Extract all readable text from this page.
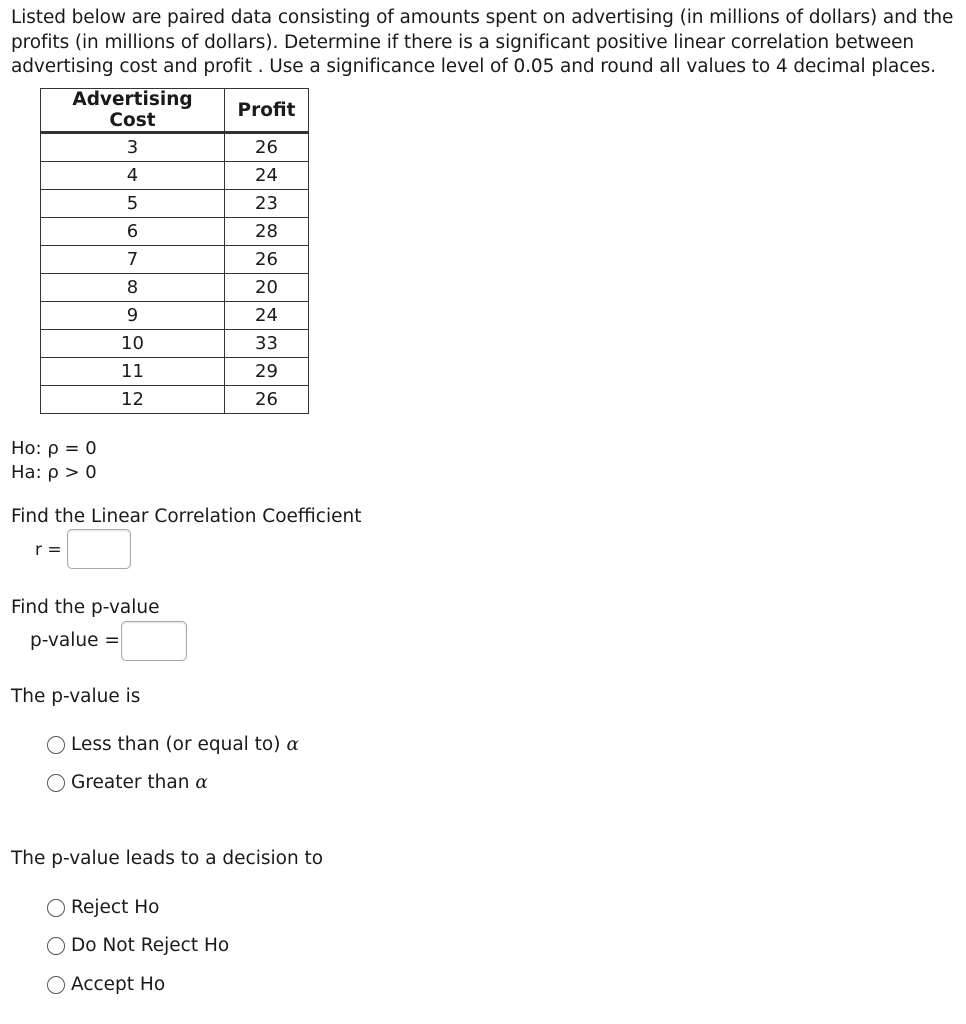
Listed below are paired data consisting of amounts spent on advertising (in millions of dollars) and the profits (in millions of dollars). Determine if there is a significant positive linear correlation between advertising cost and profit . Use a significance level of 0.05 and round all values to 4 decimal places.
Advertising Cost	Profit
3	26
4	24
5	23
6	28
7	26
8	20
9	24
10	33
11	29
12	26
Ho: ρ = 0
Ha: ρ > 0
Find the Linear Correlation Coefficient
r =
Find the p-value
p-value =
The p-value is
Less than (or equal to) α
Greater than α
The p-value leads to a decision to
Reject Ho
Do Not Reject Ho
Accept Ho
